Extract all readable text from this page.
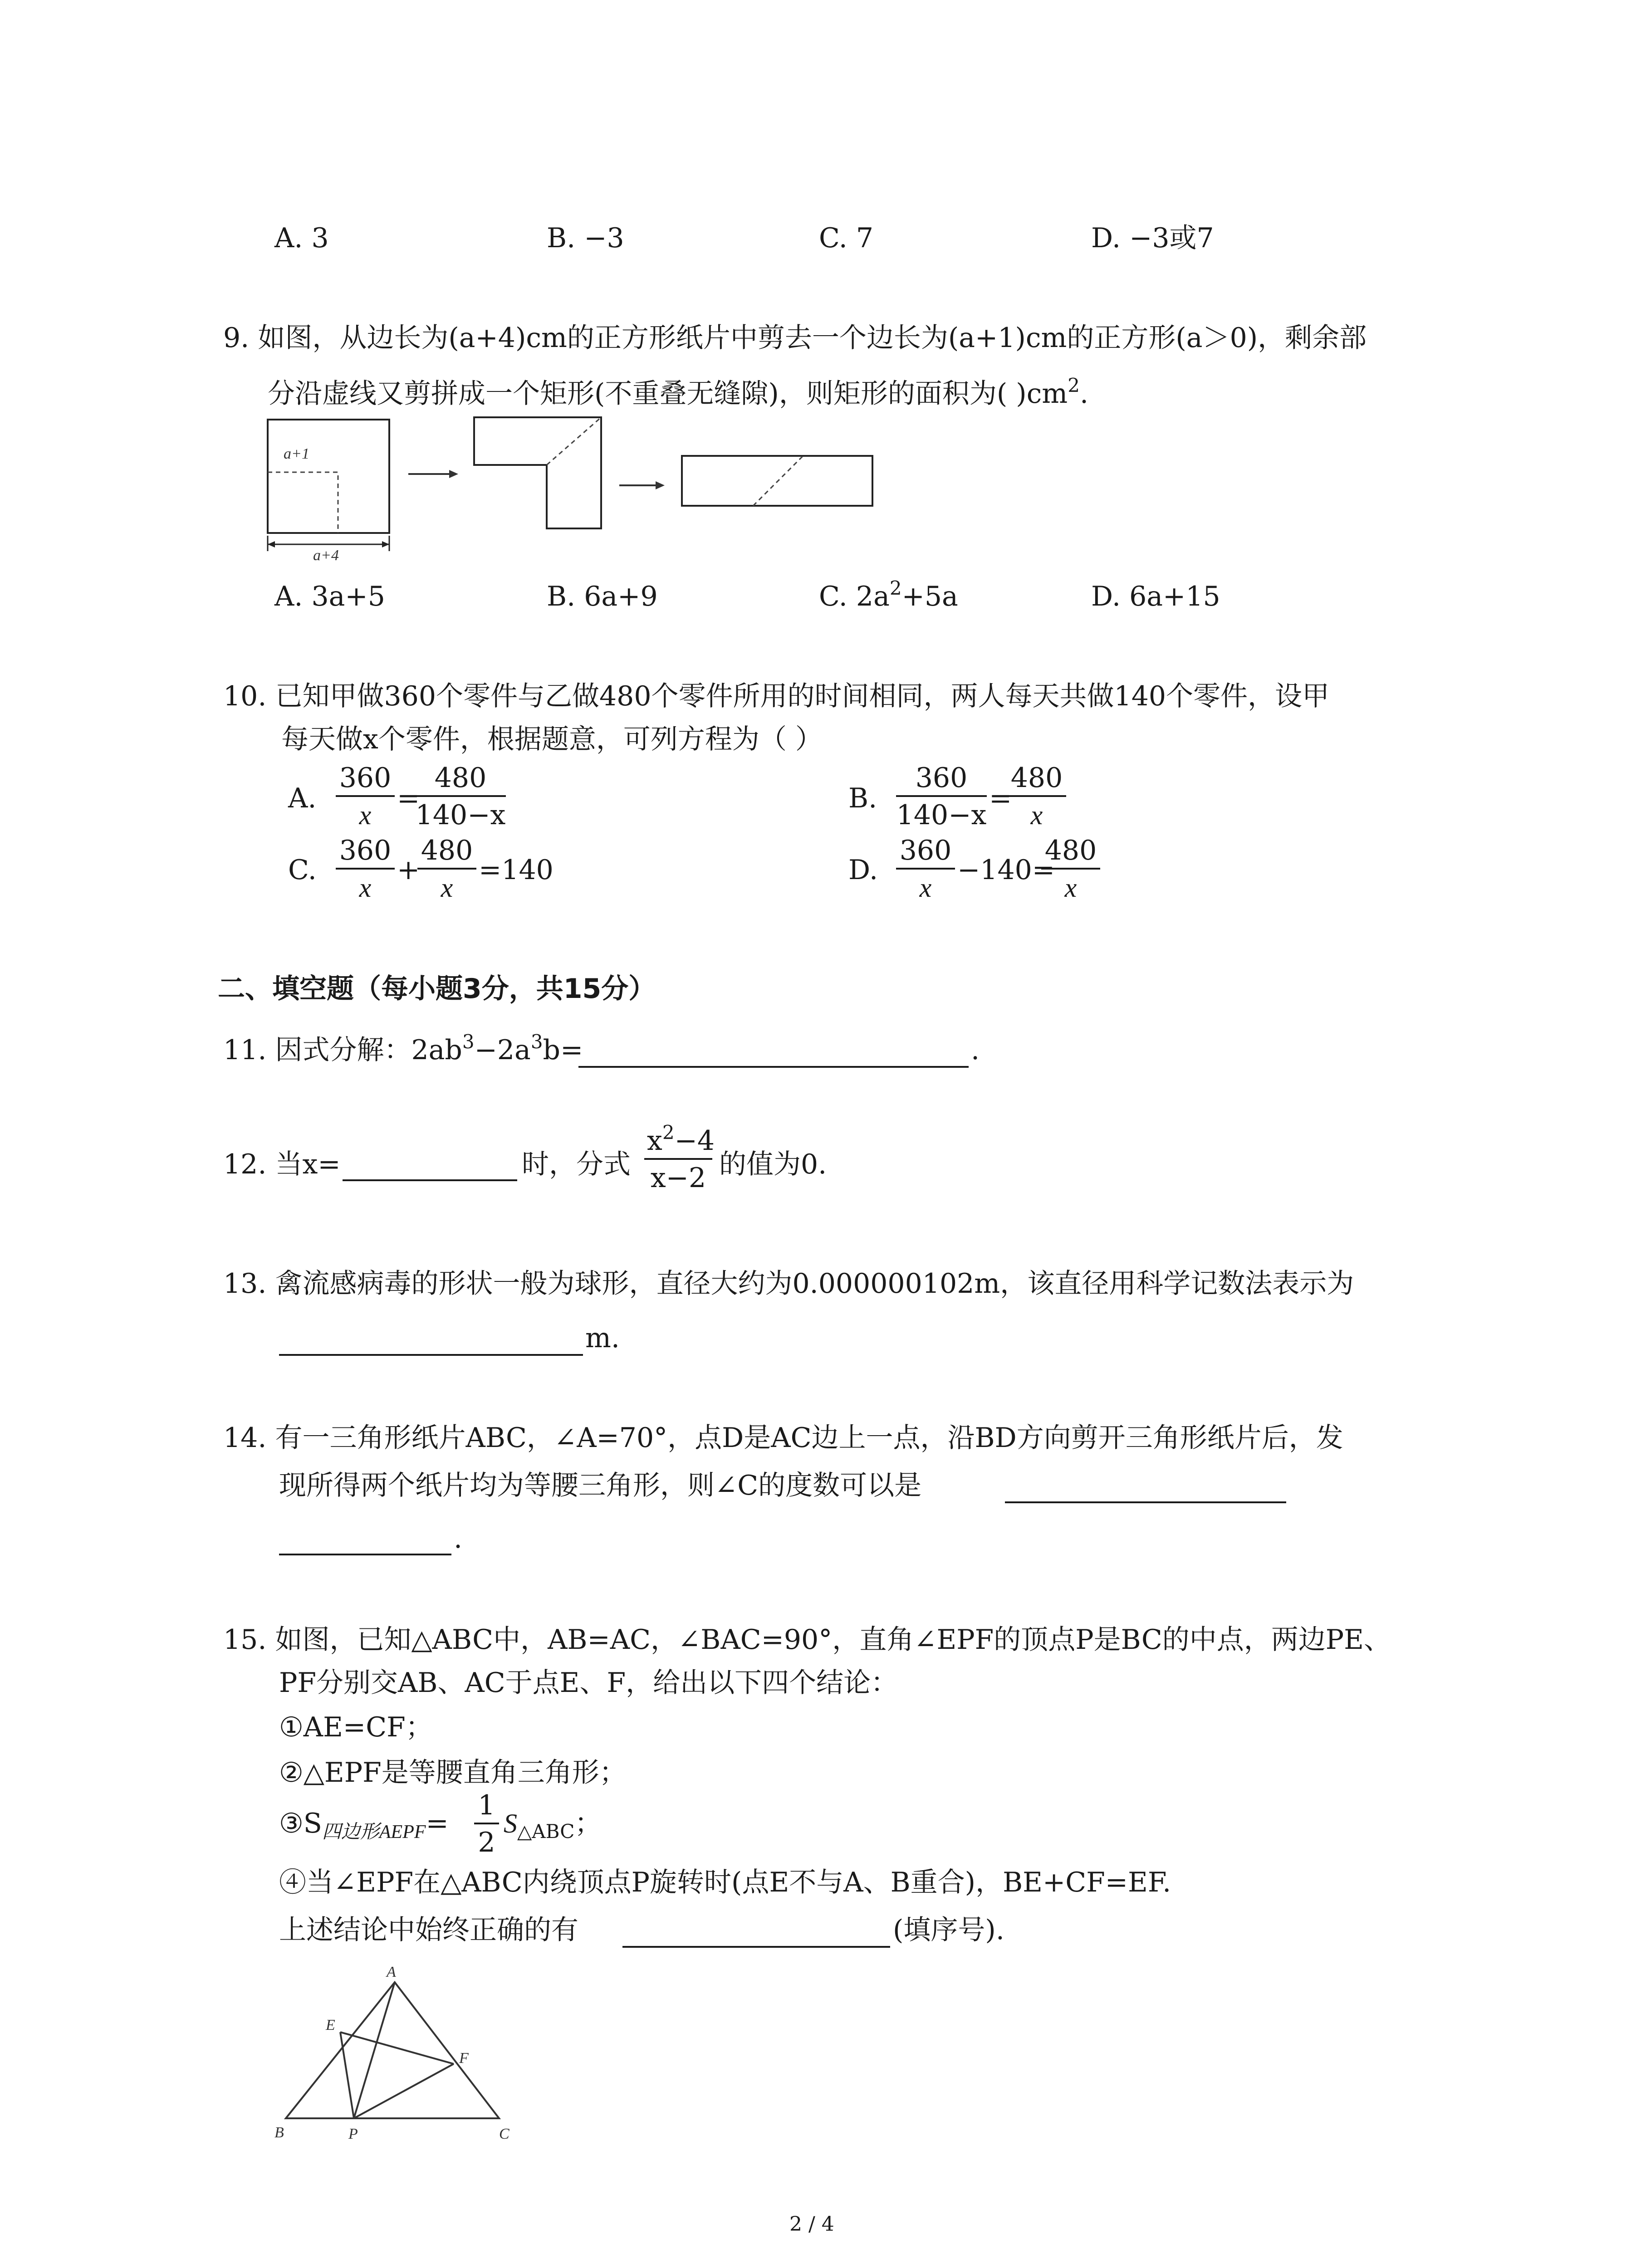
A. 3	B. −3	C. 7	D. −3或7
9. 如图，从边长为(a+4)cm的正方形纸片中剪去一个边长为(a+1)cm的正方形(a＞0)，剩余部
分沿虚线又剪拼成一个矩形(不重叠无缝隙)，则矩形的面积为( )$cm^2$.
a+1
a+4
A. 3a+5	B. 6a+9	C. $2a^2+5a$	D. 6a+15
10. 已知甲做360个零件与乙做480个零件所用的时间相同，两人每天共做140个零件，设甲
每天做x个零件，根据题意，可列方程为（ ）
A. $\frac{360}{x}$ =
$\frac{480}{140-x}$	B. $\frac{360}{140-x}$ =
$\frac{480}{x}$
C. $\frac{360}{x}$ +
$\frac{480}{x} =140$	D. $\frac{360}{x} -140=$
$\frac{480}{x}$
二、填空题（每小题3分，共15分）
11. 因式分解：$2ab^3-2a^3b=$	.
12. 当x=	时，分式 $\frac{x^2-4}{x-2}$ 的值为0.
13. 禽流感病毒的形状一般为球形，直径大约为0.000000102m，该直径用科学记数法表示为
m.
14. 有一三角形纸片ABC，∠A=70°，点D是AC边上一点，沿BD方向剪开三角形纸片后，发
现所得两个纸片均为等腰三角形，则∠C的度数可以是
.
15. 如图，已知△ABC中，AB=AC，∠BAC=90°，直角∠EPF的顶点P是BC的中点，两边PE、
PF分别交AB、AC于点E、F，给出以下四个结论：
①AE=CF；
②△EPF是等腰直角三角形；
$③S_{四边形AEPF}= \frac{1}{2} S_{\triangle ABC}$；
④当∠EPF在△ABC内绕顶点P旋转时(点E不与A、B重合)，BE+CF=EF.
上述结论中始终正确的有	(填序号).
A
E
F
B	P	C
2 / 4
